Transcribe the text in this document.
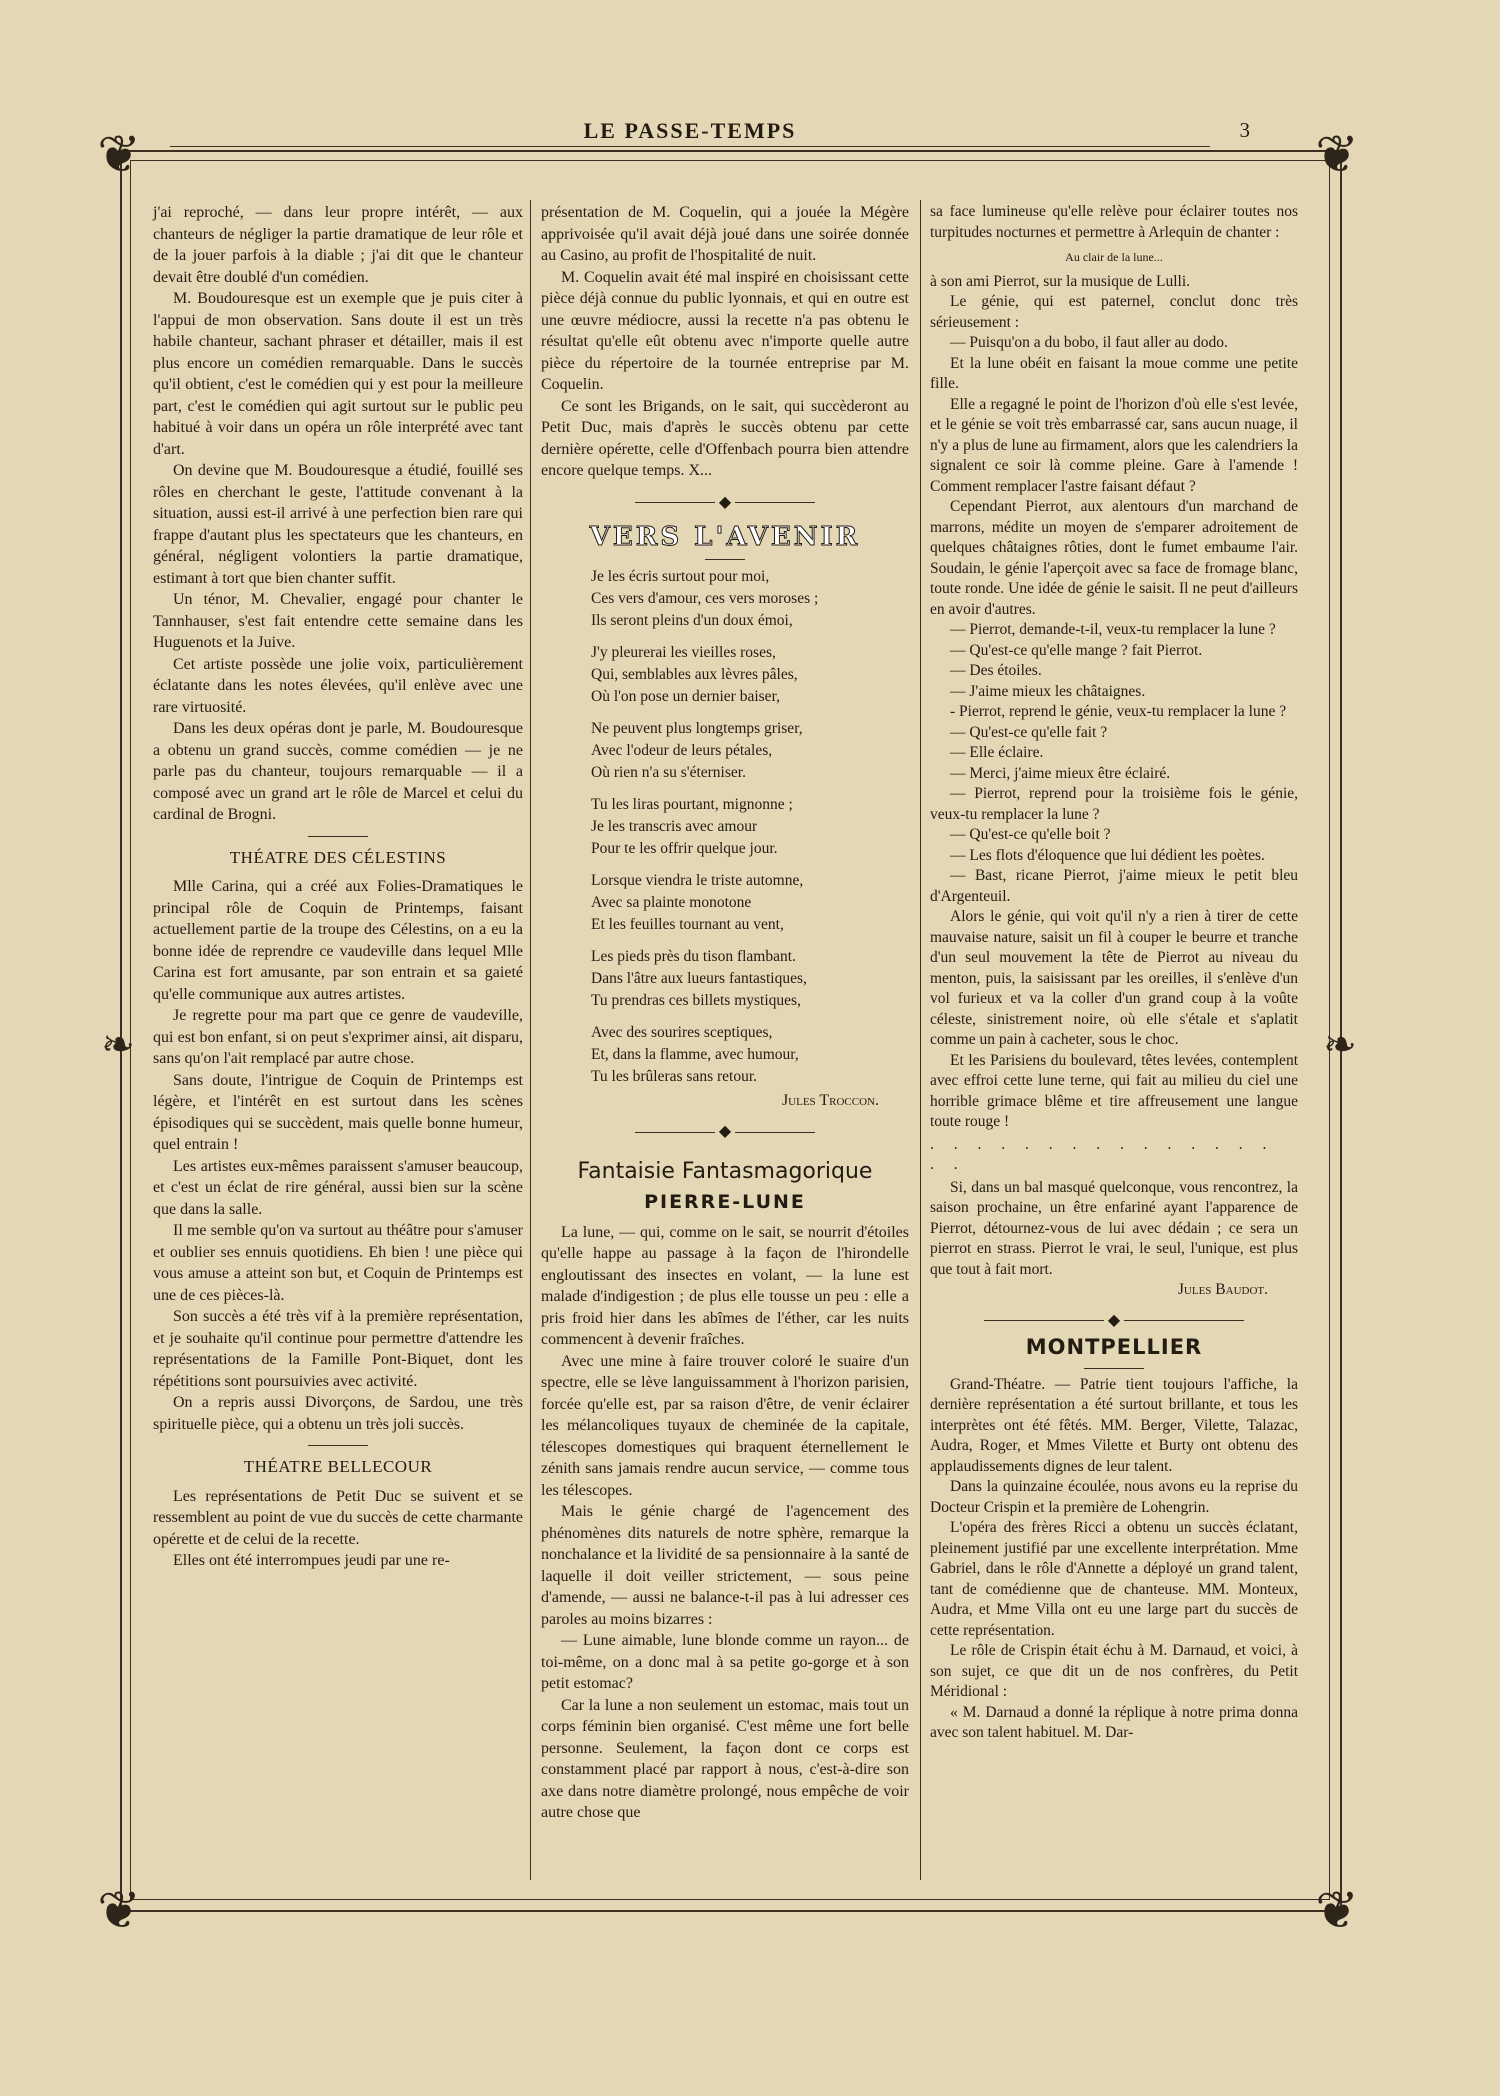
LE PASSE-TEMPS	3
❦	❦
❦	❦
❧	❧

j'ai reproché, — dans leur propre intérêt, — aux chanteurs de négliger la partie dramatique de leur rôle et de la jouer parfois à la diable ; j'ai dit que le chanteur devait être doublé d'un comédien.

M. Boudouresque est un exemple que je puis citer à l'appui de mon observation. Sans doute il est un très habile chanteur, sachant phraser et détailler, mais il est plus encore un comédien remarquable. Dans le succès qu'il obtient, c'est le comédien qui y est pour la meilleure part, c'est le comédien qui agit surtout sur le public peu habitué à voir dans un opéra un rôle interprété avec tant d'art.

On devine que M. Boudouresque a étudié, fouillé ses rôles en cherchant le geste, l'attitude convenant à la situation, aussi est-il arrivé à une perfection bien rare qui frappe d'autant plus les spectateurs que les chanteurs, en général, négligent volontiers la partie dramatique, estimant à tort que bien chanter suffit.

Un ténor, M. Chevalier, engagé pour chanter le Tannhauser, s'est fait entendre cette semaine dans les Huguenots et la Juive.

Cet artiste possède une jolie voix, particulièrement éclatante dans les notes élevées, qu'il enlève avec une rare virtuosité.

Dans les deux opéras dont je parle, M. Boudouresque a obtenu un grand succès, comme comédien — je ne parle pas du chanteur, toujours remarquable — il a composé avec un grand art le rôle de Marcel et celui du cardinal de Brogni.

THÉATRE DES CÉLESTINS

Mlle Carina, qui a créé aux Folies-Dramatiques le principal rôle de Coquin de Printemps, faisant actuellement partie de la troupe des Célestins, on a eu la bonne idée de reprendre ce vaudeville dans lequel Mlle Carina est fort amusante, par son entrain et sa gaieté qu'elle communique aux autres artistes.

Je regrette pour ma part que ce genre de vaudeville, qui est bon enfant, si on peut s'exprimer ainsi, ait disparu, sans qu'on l'ait remplacé par autre chose.

Sans doute, l'intrigue de Coquin de Printemps est légère, et l'intérêt en est surtout dans les scènes épisodiques qui se succèdent, mais quelle bonne humeur, quel entrain !

Les artistes eux-mêmes paraissent s'amuser beaucoup, et c'est un éclat de rire général, aussi bien sur la scène que dans la salle.

Il me semble qu'on va surtout au théâtre pour s'amuser et oublier ses ennuis quotidiens. Eh bien ! une pièce qui vous amuse a atteint son but, et Coquin de Printemps est une de ces pièces-là.

Son succès a été très vif à la première représentation, et je souhaite qu'il continue pour permettre d'attendre les représentations de la Famille Pont-Biquet, dont les répétitions sont poursuivies avec activité.

On a repris aussi Divorçons, de Sardou, une très spirituelle pièce, qui a obtenu un très joli succès.

THÉATRE BELLECOUR

Les représentations de Petit Duc se suivent et se ressemblent au point de vue du succès de cette charmante opérette et de celui de la recette.

Elles ont été interrompues jeudi par une re-

présentation de M. Coquelin, qui a jouée la Mégère apprivoisée qu'il avait déjà joué dans une soirée donnée au Casino, au profit de l'hospitalité de nuit.

M. Coquelin avait été mal inspiré en choisissant cette pièce déjà connue du public lyonnais, et qui en outre est une œuvre médiocre, aussi la recette n'a pas obtenu le résultat qu'elle eût obtenu avec n'importe quelle autre pièce du répertoire de la tournée entreprise par M. Coquelin.

Ce sont les Brigands, on le sait, qui succèderont au Petit Duc, mais d'après le succès obtenu par cette dernière opérette, celle d'Offenbach pourra bien attendre encore quelque temps. X...

◆
VERS L'AVENIR
Je les écris surtout pour moi,
Ces vers d'amour, ces vers moroses ;
Ils seront pleins d'un doux émoi,
J'y pleurerai les vieilles roses,
Qui, semblables aux lèvres pâles,
Où l'on pose un dernier baiser,
Ne peuvent plus longtemps griser,
Avec l'odeur de leurs pétales,
Où rien n'a su s'éterniser.
Tu les liras pourtant, mignonne ;
Je les transcris avec amour
Pour te les offrir quelque jour.
Lorsque viendra le triste automne,
Avec sa plainte monotone
Et les feuilles tournant au vent,
Les pieds près du tison flambant.
Dans l'âtre aux lueurs fantastiques,
Tu prendras ces billets mystiques,
Avec des sourires sceptiques,
Et, dans la flamme, avec humour,
Tu les brûleras sans retour.
Jules Troccon.
◆
Fantaisie Fantasmagorique
PIERRE-LUNE

La lune, — qui, comme on le sait, se nourrit d'étoiles qu'elle happe au passage à la façon de l'hirondelle engloutissant des insectes en volant, — la lune est malade d'indigestion ; de plus elle tousse un peu : elle a pris froid hier dans les abîmes de l'éther, car les nuits commencent à devenir fraîches.

Avec une mine à faire trouver coloré le suaire d'un spectre, elle se lève languissamment à l'horizon parisien, forcée qu'elle est, par sa raison d'être, de venir éclairer les mélancoliques tuyaux de cheminée de la capitale, télescopes domestiques qui braquent éternellement le zénith sans jamais rendre aucun service, — comme tous les télescopes.

Mais le génie chargé de l'agencement des phénomènes dits naturels de notre sphère, remarque la nonchalance et la lividité de sa pensionnaire à la santé de laquelle il doit veiller strictement, — sous peine d'amende, — aussi ne balance-t-il pas à lui adresser ces paroles au moins bizarres :

— Lune aimable, lune blonde comme un rayon... de toi-même, on a donc mal à sa petite go-gorge et à son petit estomac?

Car la lune a non seulement un estomac, mais tout un corps féminin bien organisé. C'est même une fort belle personne. Seulement, la façon dont ce corps est constamment placé par rapport à nous, c'est-à-dire son axe dans notre diamètre prolongé, nous empêche de voir autre chose que

sa face lumineuse qu'elle relève pour éclairer toutes nos turpitudes nocturnes et permettre à Arlequin de chanter :

Au clair de la lune...

à son ami Pierrot, sur la musique de Lulli.

Le génie, qui est paternel, conclut donc très sérieusement :

— Puisqu'on a du bobo, il faut aller au dodo.

Et la lune obéit en faisant la moue comme une petite fille.

Elle a regagné le point de l'horizon d'où elle s'est levée, et le génie se voit très embarrassé car, sans aucun nuage, il n'y a plus de lune au firmament, alors que les calendriers la signalent ce soir là comme pleine. Gare à l'amende ! Comment remplacer l'astre faisant défaut ?

Cependant Pierrot, aux alentours d'un marchand de marrons, médite un moyen de s'emparer adroitement de quelques châtaignes rôties, dont le fumet embaume l'air. Soudain, le génie l'aperçoit avec sa face de fromage blanc, toute ronde. Une idée de génie le saisit. Il ne peut d'ailleurs en avoir d'autres.

— Pierrot, demande-t-il, veux-tu remplacer la lune ?

— Qu'est-ce qu'elle mange ? fait Pierrot.

— Des étoiles.

— J'aime mieux les châtaignes.

- Pierrot, reprend le génie, veux-tu remplacer la lune ?

— Qu'est-ce qu'elle fait ?

— Elle éclaire.

— Merci, j'aime mieux être éclairé.

— Pierrot, reprend pour la troisième fois le génie, veux-tu remplacer la lune ?

— Qu'est-ce qu'elle boit ?

— Les flots d'éloquence que lui dédient les poètes.

— Bast, ricane Pierrot, j'aime mieux le petit bleu d'Argenteuil.

Alors le génie, qui voit qu'il n'y a rien à tirer de cette mauvaise nature, saisit un fil à couper le beurre et tranche d'un seul mouvement la tête de Pierrot au niveau du menton, puis, la saisissant par les oreilles, il s'enlève d'un vol furieux et va la coller d'un grand coup à la voûte céleste, sinistrement noire, où elle s'étale et s'aplatit comme un pain à cacheter, sous le choc.

Et les Parisiens du boulevard, têtes levées, contemplent avec effroi cette lune terne, qui fait au milieu du ciel une horrible grimace blême et tire affreusement une langue toute rouge !

. . . . . . . . . . . . . . . . .

Si, dans un bal masqué quelconque, vous rencontrez, la saison prochaine, un être enfariné ayant l'apparence de Pierrot, détournez-vous de lui avec dédain ; ce sera un pierrot en strass. Pierrot le vrai, le seul, l'unique, est plus que tout à fait mort.

Jules Baudot.
◆
MONTPELLIER

Grand-Théatre. — Patrie tient toujours l'affiche, la dernière représentation a été surtout brillante, et tous les interprètes ont été fêtés. MM. Berger, Vilette, Talazac, Audra, Roger, et Mmes Vilette et Burty ont obtenu des applaudissements dignes de leur talent.

Dans la quinzaine écoulée, nous avons eu la reprise du Docteur Crispin et la première de Lohengrin.

L'opéra des frères Ricci a obtenu un succès éclatant, pleinement justifié par une excellente interprétation. Mme Gabriel, dans le rôle d'Annette a déployé un grand talent, tant de comédienne que de chanteuse. MM. Monteux, Audra, et Mme Villa ont eu une large part du succès de cette représentation.

Le rôle de Crispin était échu à M. Darnaud, et voici, à son sujet, ce que dit un de nos confrères, du Petit Méridional :

« M. Darnaud a donné la réplique à notre prima donna avec son talent habituel. M. Dar-
